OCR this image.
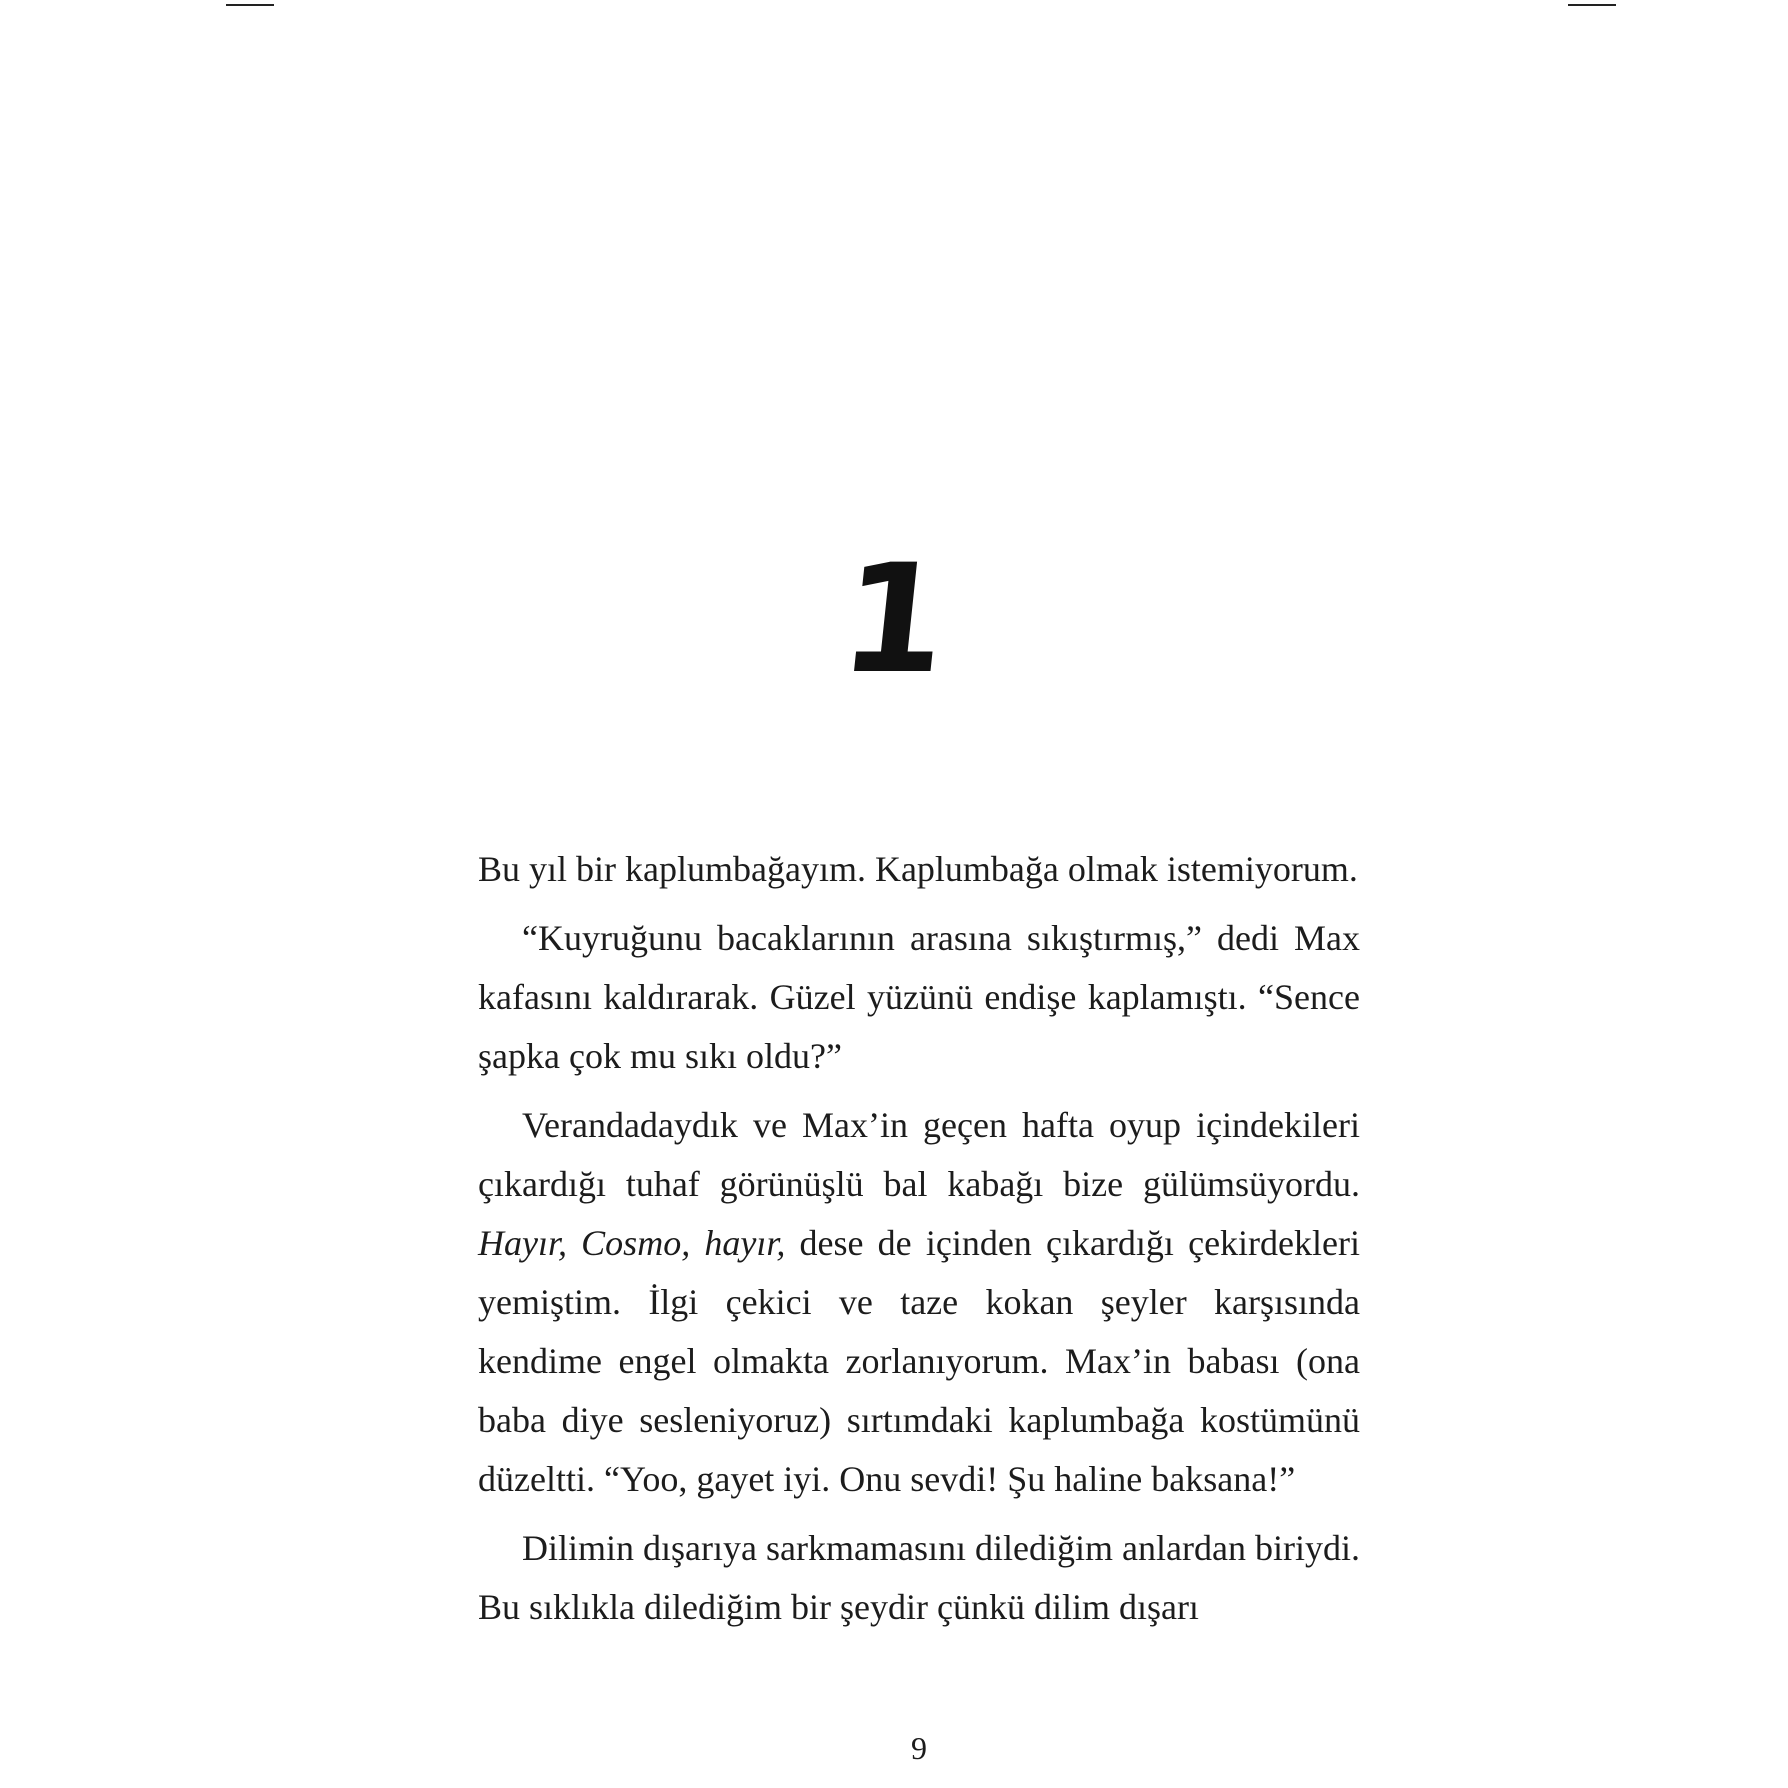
1

Bu yıl bir kaplumbağayım. Kaplumbağa olmak istemiyorum.

“Kuyruğunu bacaklarının arasına sıkıştırmış,” dedi Max kafasını kaldırarak. Güzel yüzünü endişe kaplamıştı. “Sence şapka çok mu sıkı oldu?”

Verandadaydık ve Max’in geçen hafta oyup içindekileri çıkardığı tuhaf görünüşlü bal kabağı bize gülümsüyordu. Hayır, Cosmo, hayır, dese de içinden çıkardığı çekirdekleri yemiştim. İlgi çekici ve taze kokan şeyler karşısında kendime engel olmakta zorlanıyorum. Max’in babası (ona baba diye sesleniyoruz) sırtımdaki kaplumbağa kostümünü düzeltti. “Yoo, gayet iyi. Onu sevdi! Şu haline baksana!”

Dilimin dışarıya sarkmamasını dilediğim anlardan biriydi. Bu sıklıkla dilediğim bir şeydir çünkü dilim dışarı

9
